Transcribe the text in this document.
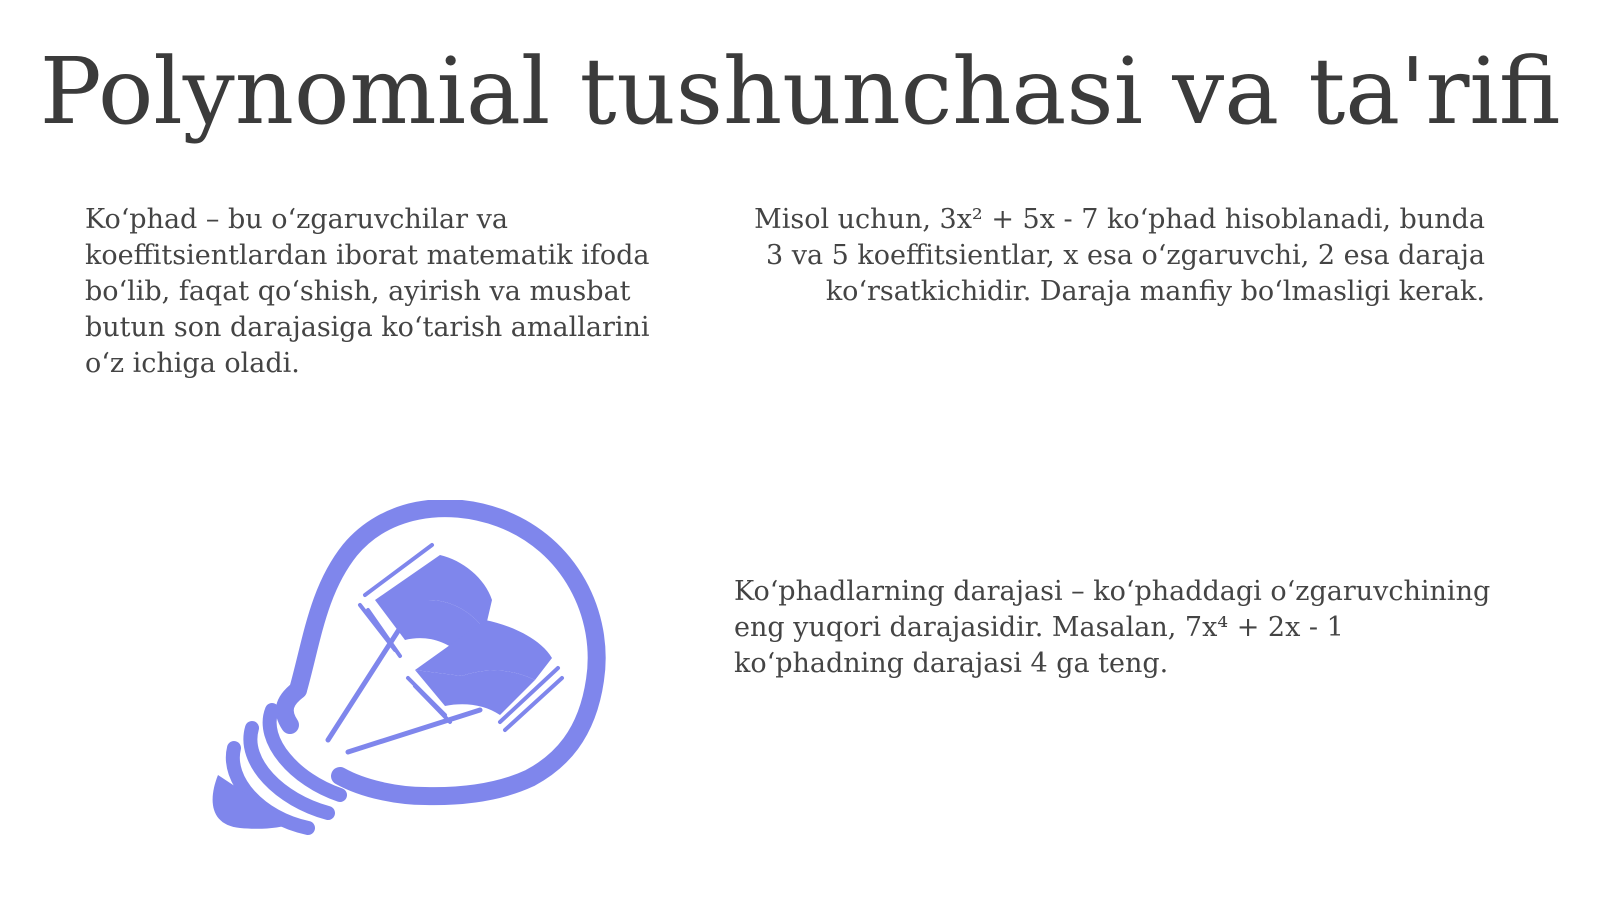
Polynomial tushunchasi va ta'rifi

Koʻphad – bu oʻzgaruvchilar va koeffitsientlardan iborat matematik ifoda boʻlib, faqat qoʻshish, ayirish va musbat butun son darajasiga koʻtarish amallarini oʻz ichiga oladi.

Misol uchun, 3x² + 5x - 7 koʻphad hisoblanadi, bunda 3 va 5 koeffitsientlar, x esa oʻzgaruvchi, 2 esa daraja koʻrsatkichidir. Daraja manfiy boʻlmasligi kerak.

Koʻphadlarning darajasi – koʻphaddagi oʻzgaruvchining eng yuqori darajasidir. Masalan, 7x⁴ + 2x - 1 koʻphadning darajasi 4 ga teng.
